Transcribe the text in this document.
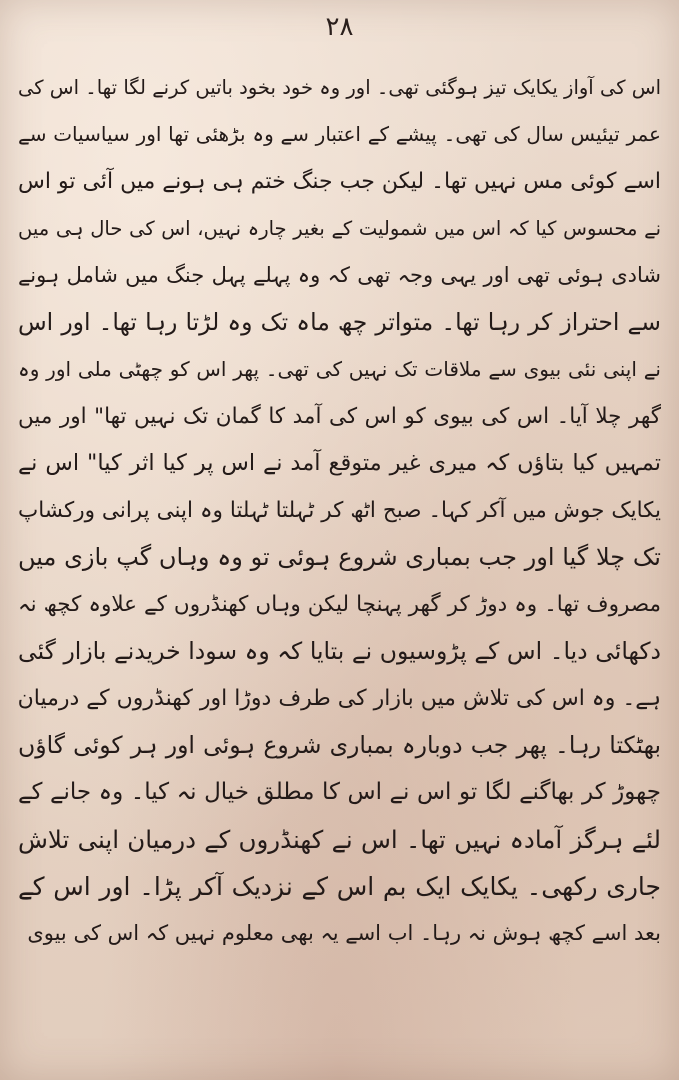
۲۸
اس کی آواز یکایک تیز ہوگئی تھی۔ اور وہ خود بخود باتیں کرنے لگا تھا۔ اس کی
عمر تیئیس سال کی تھی۔ پیشے کے اعتبار سے وہ بڑھئی تھا اور سیاسیات سے
اسے کوئی مس نہیں تھا۔ لیکن جب جنگ ختم ہی ہونے میں آئی تو اس
نے محسوس کیا کہ اس میں شمولیت کے بغیر چارہ نہیں، اس کی حال ہی میں
شادی ہوئی تھی اور یہی وجہ تھی کہ وہ پہلے پہل جنگ میں شامل ہونے
سے احتراز کر رہا تھا۔ متواتر چھ ماہ تک وہ لڑتا رہا تھا۔ اور اس
نے اپنی نئی بیوی سے ملاقات تک نہیں کی تھی۔ پھر اس کو چھٹی ملی اور وہ
گھر چلا آیا۔ اس کی بیوی کو اس کی آمد کا گمان تک نہیں تھا" اور میں
تمہیں کیا بتاؤں کہ میری غیر متوقع آمد نے اس پر کیا اثر کیا" اس نے
یکایک جوش میں آکر کہا۔ صبح اٹھ کر ٹہلتا ٹہلتا وہ اپنی پرانی ورکشاپ
تک چلا گیا اور جب بمباری شروع ہوئی تو وہ وہاں گپ بازی میں
مصروف تھا۔ وہ دوڑ کر گھر پہنچا لیکن وہاں کھنڈروں کے علاوہ کچھ نہ
دکھائی دیا۔ اس کے پڑوسیوں نے بتایا کہ وہ سودا خریدنے بازار گئی
ہے۔ وہ اس کی تلاش میں بازار کی طرف دوڑا اور کھنڈروں کے درمیان
بھٹکتا رہا۔ پھر جب دوبارہ بمباری شروع ہوئی اور ہر کوئی گاؤں
چھوڑ کر بھاگنے لگا تو اس نے اس کا مطلق خیال نہ کیا۔ وہ جانے کے
لئے ہرگز آمادہ نہیں تھا۔ اس نے کھنڈروں کے درمیان اپنی تلاش
جاری رکھی۔ یکایک ایک بم اس کے نزدیک آکر پڑا۔ اور اس کے
بعد اسے کچھ ہوش نہ رہا۔ اب اسے یہ بھی معلوم نہیں کہ اس کی بیوی
